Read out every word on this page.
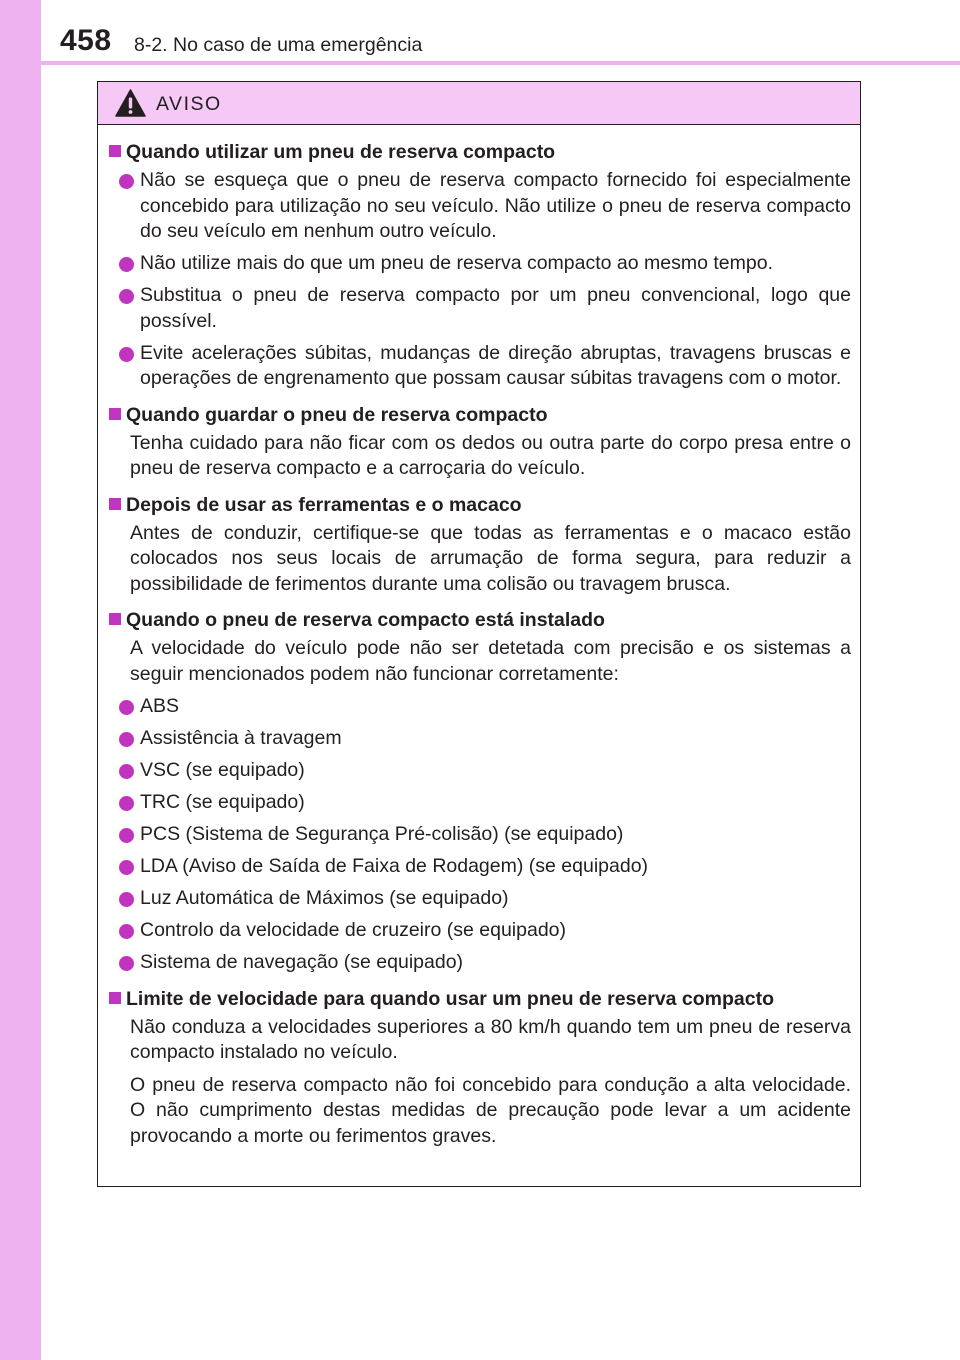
458 8-2. No caso de uma emergência
AVISO
Quando utilizar um pneu de reserva compacto
Não se esqueça que o pneu de reserva compacto fornecido foi especialmente concebido para utilização no seu veículo. Não utilize o pneu de reserva compacto do seu veículo em nenhum outro veículo.
Não utilize mais do que um pneu de reserva compacto ao mesmo tempo.
Substitua o pneu de reserva compacto por um pneu convencional, logo que possível.
Evite acelerações súbitas, mudanças de direção abruptas, travagens bruscas e operações de engrenamento que possam causar súbitas travagens com o motor.
Quando guardar o pneu de reserva compacto
Tenha cuidado para não ficar com os dedos ou outra parte do corpo presa entre o pneu de reserva compacto e a carroçaria do veículo.
Depois de usar as ferramentas e o macaco
Antes de conduzir, certifique-se que todas as ferramentas e o macaco estão colocados nos seus locais de arrumação de forma segura, para reduzir a possibilidade de ferimentos durante uma colisão ou travagem brusca.
Quando o pneu de reserva compacto está instalado
A velocidade do veículo pode não ser detetada com precisão e os sistemas a seguir mencionados podem não funcionar corretamente:
ABS
Assistência à travagem
VSC (se equipado)
TRC (se equipado)
PCS (Sistema de Segurança Pré-colisão) (se equipado)
LDA (Aviso de Saída de Faixa de Rodagem) (se equipado)
Luz Automática de Máximos (se equipado)
Controlo da velocidade de cruzeiro (se equipado)
Sistema de navegação (se equipado)
Limite de velocidade para quando usar um pneu de reserva compacto
Não conduza a velocidades superiores a 80 km/h quando tem um pneu de reserva compacto instalado no veículo.
O pneu de reserva compacto não foi concebido para condução a alta velocidade. O não cumprimento destas medidas de precaução pode levar a um acidente provocando a morte ou ferimentos graves.
